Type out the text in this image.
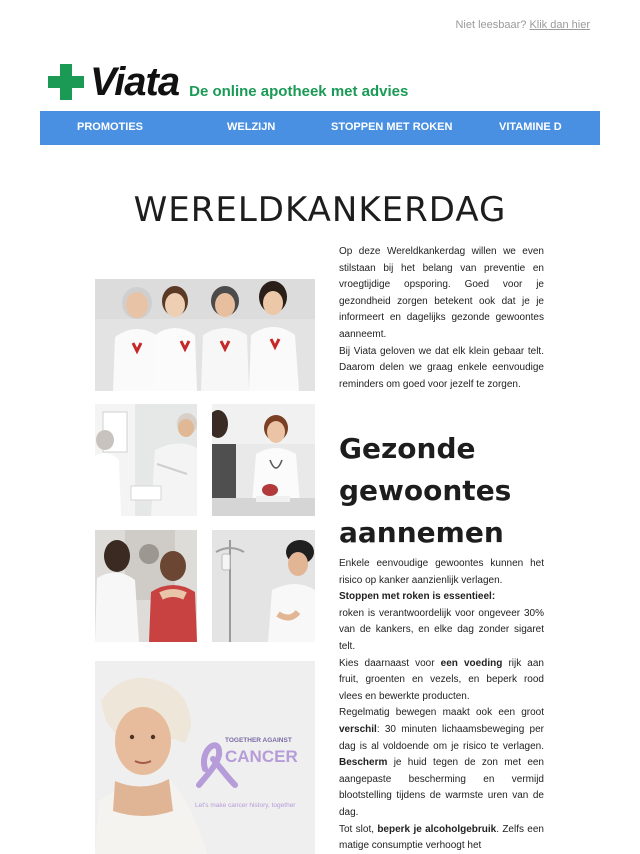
Niet leesbaar? Klik dan hier
Viata De online apotheek met advies
PROMOTIES	WELZIJN	STOPPEN MET ROKEN	VITAMINE D
WERELDKANKERDAG
TOGETHER AGAINST
CANCER
Let's make cancer history, together

Op deze Wereldkankerdag willen we even stilstaan bij het belang van preventie en vroegtijdige opsporing. Goed voor je gezondheid zorgen betekent ook dat je je informeert en dagelijks gezonde gewoontes aanneemt.

Bij Viata geloven we dat elk klein gebaar telt. Daarom delen we graag enkele eenvoudige reminders om goed voor jezelf te zorgen.

Gezonde gewoontes aannemen

Enkele eenvoudige gewoontes kunnen het risico op kanker aanzienlijk verlagen.

Stoppen met roken is essentieel:

roken is verantwoordelijk voor ongeveer 30% van de kankers, en elke dag zonder sigaret telt.

Kies daarnaast voor een voeding rijk aan fruit, groenten en vezels, en beperk rood vlees en bewerkte producten.

Regelmatig bewegen maakt ook een groot verschil: 30 minuten lichaamsbeweging per dag is al voldoende om je risico te verlagen. Bescherm je huid tegen de zon met een aangepaste bescherming en vermijd blootstelling tijdens de warmste uren van de dag.

Tot slot, beperk je alcoholgebruik. Zelfs een matige consumptie verhoogt het
